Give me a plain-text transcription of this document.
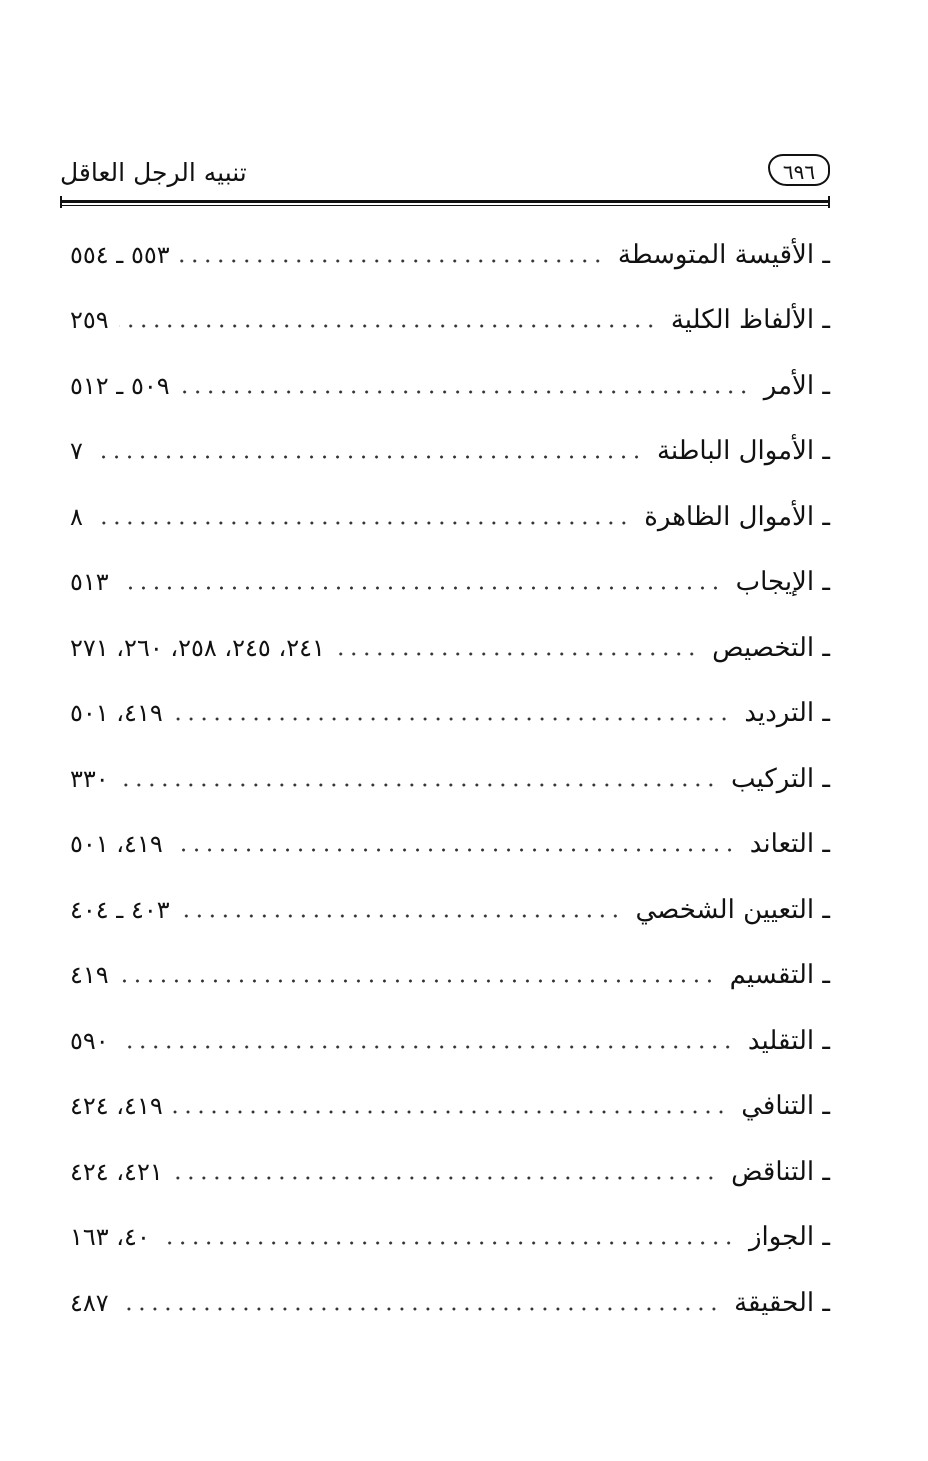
تنبيه الرجل العاقل	٦٩٦
ـ الأقيسة المتوسطة
٥٥٣ ـ ٥٥٤
ـ الألفاظ الكلية
٢٥٩
ـ الأمر
٥٠٩ ـ ٥١٢
ـ الأموال الباطنة
٧
ـ الأموال الظاهرة
٨
ـ الإيجاب
٥١٣
ـ التخصيص
٢٤١، ٢٤٥، ٢٥٨، ٢٦٠، ٢٧١
ـ الترديد
٤١٩، ٥٠١
ـ التركيب
٣٣٠
ـ التعاند
٤١٩، ٥٠١
ـ التعيين الشخصي
٤٠٣ ـ ٤٠٤
ـ التقسيم
٤١٩
ـ التقليد
٥٩٠
ـ التنافي
٤١٩، ٤٢٤
ـ التناقض
٤٢١، ٤٢٤
ـ الجواز
٤٠، ١٦٣
ـ الحقيقة
٤٨٧
